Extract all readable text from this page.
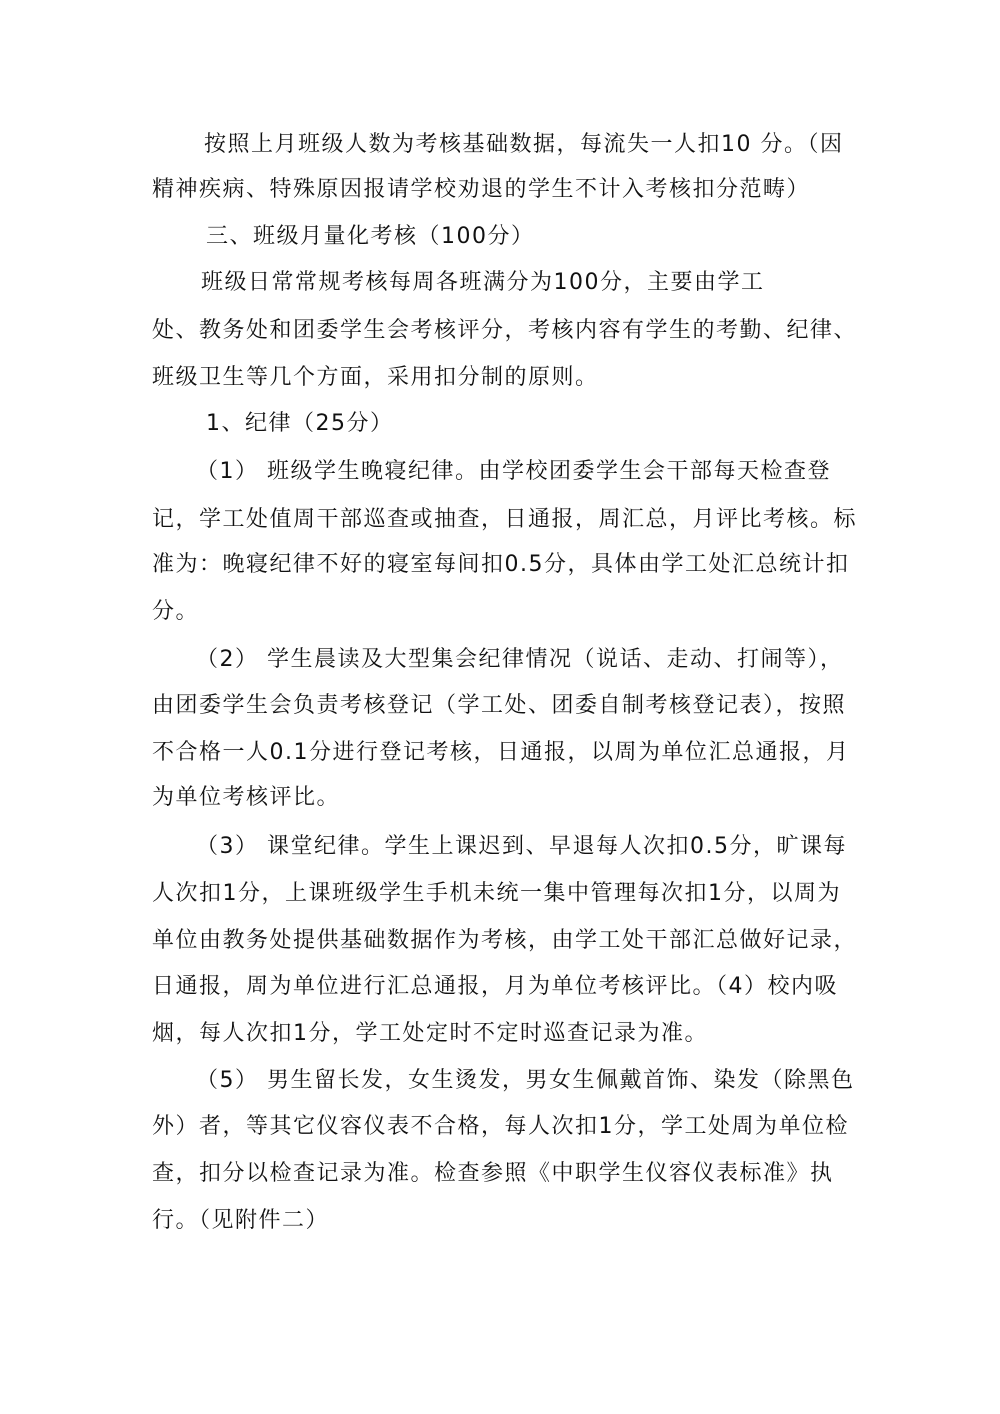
按照上月班级人数为考核基础数据，每流失一人扣10 分。（因
精神疾病、特殊原因报请学校劝退的学生不计入考核扣分范畴）
三、班级月量化考核（100分）
班级日常常规考核每周各班满分为100分，主要由学工
处、教务处和团委学生会考核评分，考核内容有学生的考勤、纪律、
班级卫生等几个方面，采用扣分制的原则。
1、纪律（25分）
（1） 班级学生晚寝纪律。由学校团委学生会干部每天检查登
记，学工处值周干部巡查或抽查，日通报，周汇总，月评比考核。标
准为：晚寝纪律不好的寝室每间扣0.5分，具体由学工处汇总统计扣
分。
（2） 学生晨读及大型集会纪律情况（说话、走动、打闹等），
由团委学生会负责考核登记（学工处、团委自制考核登记表），按照
不合格一人0.1分进行登记考核，日通报，以周为单位汇总通报，月
为单位考核评比。
（3） 课堂纪律。学生上课迟到、早退每人次扣0.5分，旷课每
人次扣1分，上课班级学生手机未统一集中管理每次扣1分，以周为
单位由教务处提供基础数据作为考核，由学工处干部汇总做好记录，
日通报，周为单位进行汇总通报，月为单位考核评比。（4）校内吸
烟，每人次扣1分，学工处定时不定时巡查记录为准。
（5） 男生留长发，女生烫发，男女生佩戴首饰、染发（除黑色
外）者，等其它仪容仪表不合格，每人次扣1分，学工处周为单位检
查，扣分以检查记录为准。检查参照《中职学生仪容仪表标准》执
行。（见附件二）
